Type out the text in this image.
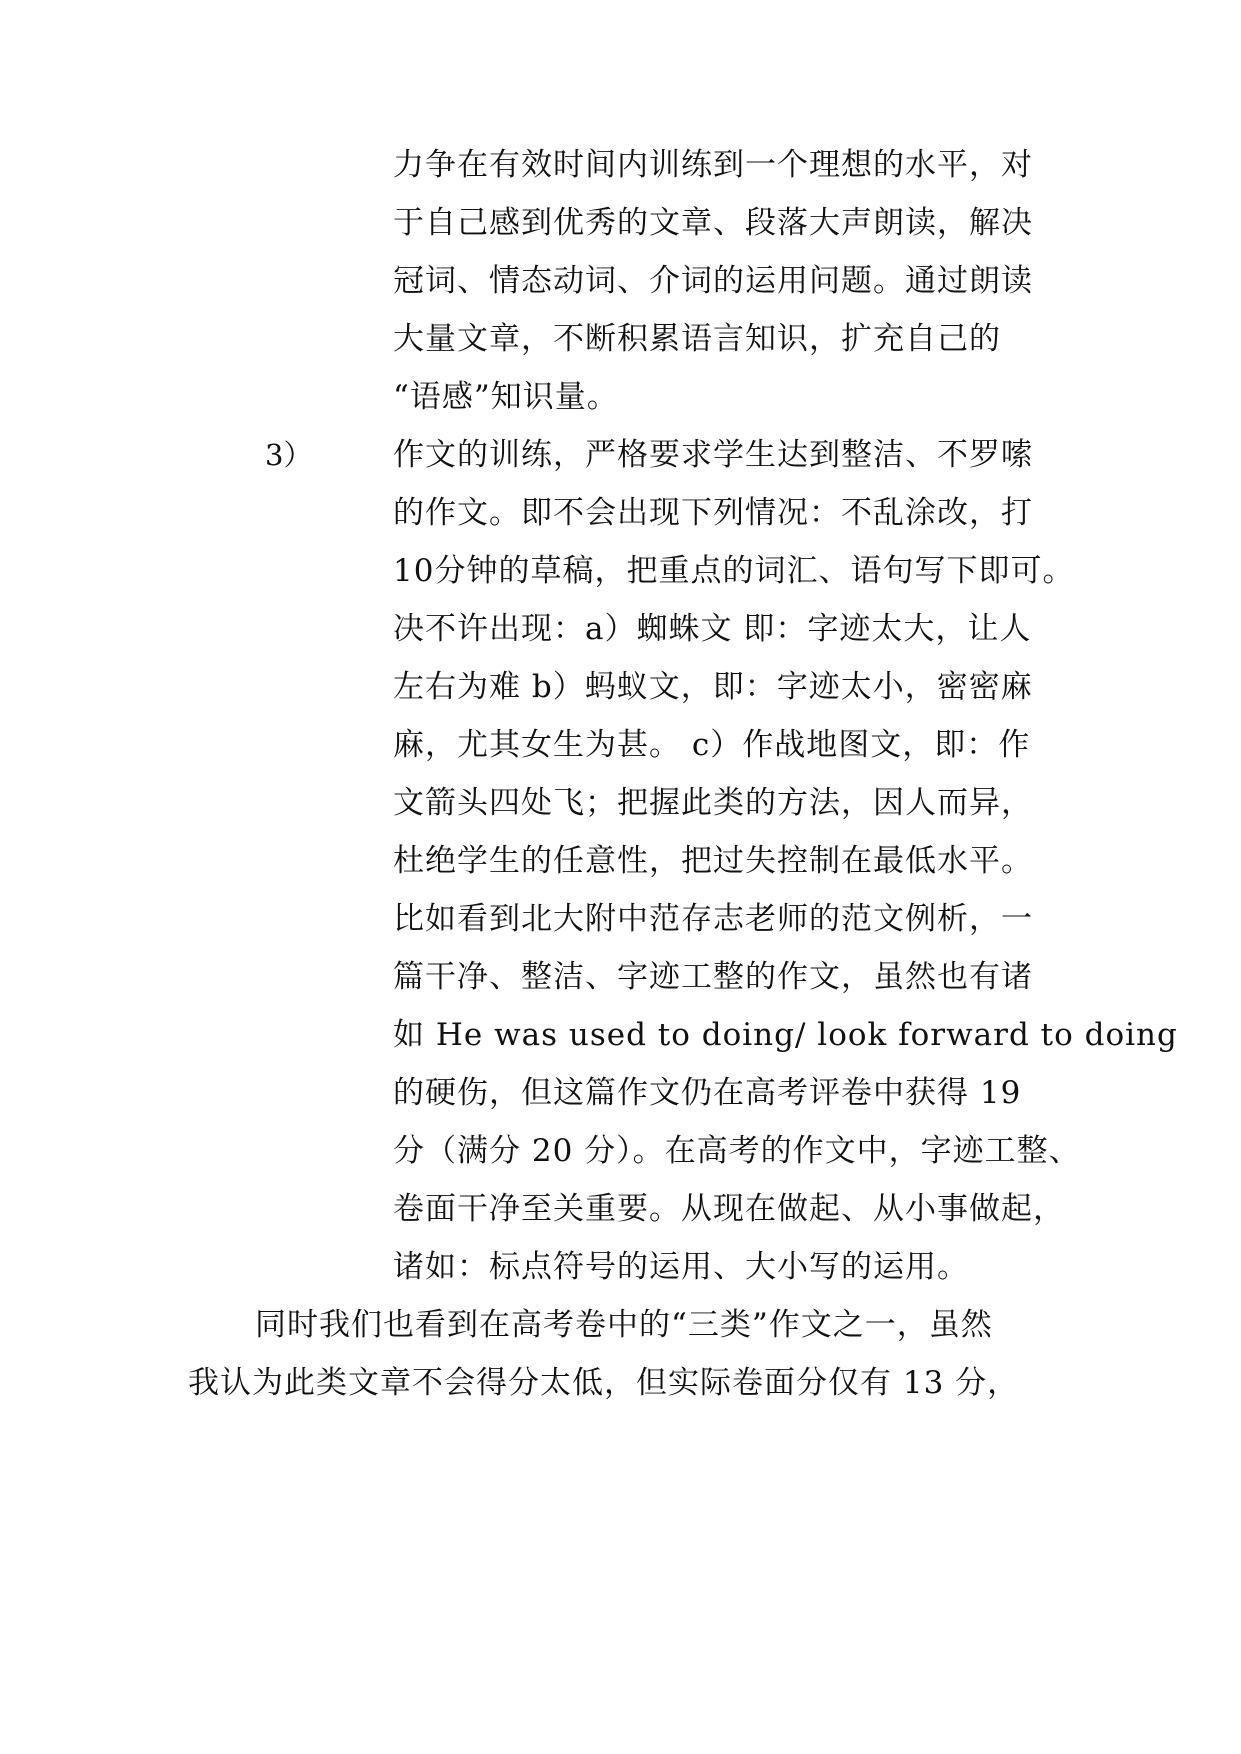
力争在有效时间内训练到一个理想的水平，对
于自己感到优秀的文章、段落大声朗读，解决
冠词、情态动词、介词的运用问题。通过朗读
大量文章，不断积累语言知识，扩充自己的
“语感”知识量。
3）	作文的训练，严格要求学生达到整洁、不罗嗦
的作文。即不会出现下列情况：不乱涂改，打
10分钟的草稿，把重点的词汇、语句写下即可。
决不许出现：a）蜘蛛文 即：字迹太大，让人
左右为难 b）蚂蚁文，即：字迹太小，密密麻
麻，尤其女生为甚。 c）作战地图文，即：作
文箭头四处飞；把握此类的方法，因人而异，
杜绝学生的任意性，把过失控制在最低水平。
比如看到北大附中范存志老师的范文例析，一
篇干净、整洁、字迹工整的作文，虽然也有诸
如 He was used to doing/ look forward to doing
的硬伤，但这篇作文仍在高考评卷中获得 19
分（满分 20 分）。在高考的作文中，字迹工整、
卷面干净至关重要。从现在做起、从小事做起，
诸如：标点符号的运用、大小写的运用。
同时我们也看到在高考卷中的“三类”作文之一，虽然
我认为此类文章不会得分太低，但实际卷面分仅有 13 分，
